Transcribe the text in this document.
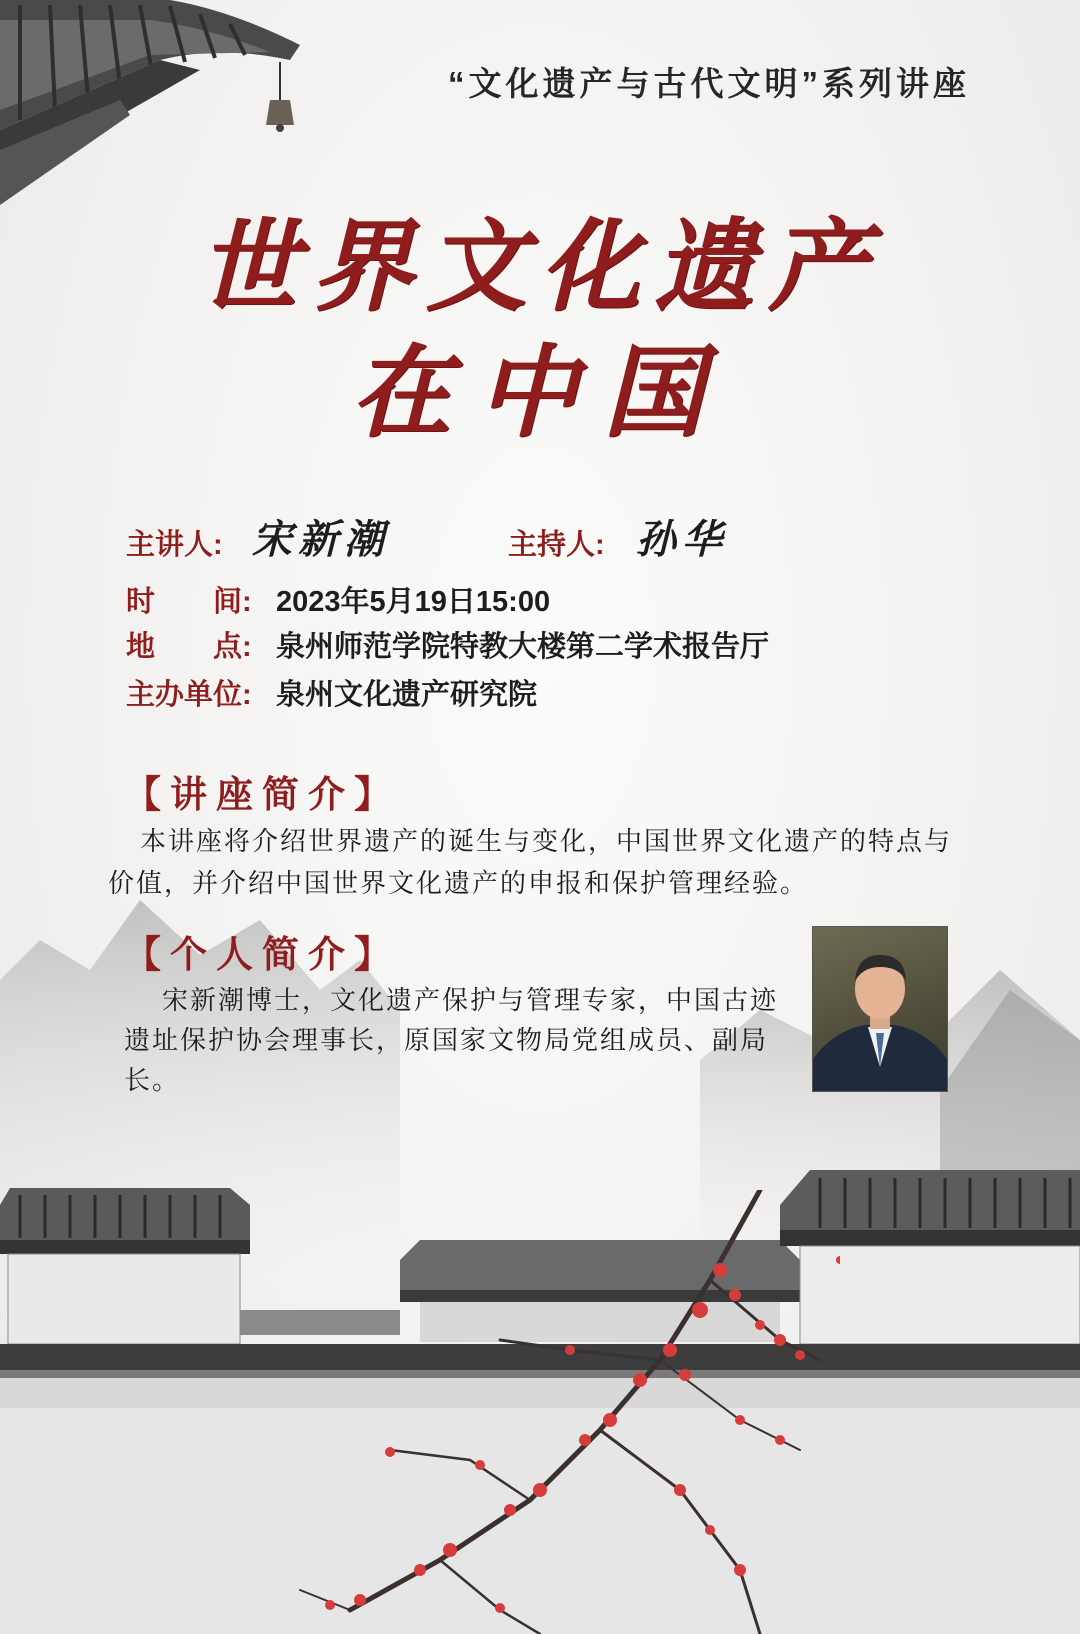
“文化遗产与古代文明”系列讲座
世界文化遗产
在中国
主讲人: 宋新潮	主持人: 孙华
时　　间: 2023年5月19日15:00
地　　点: 泉州师范学院特教大楼第二学术报告厅
主办单位: 泉州文化遗产研究院
【讲座简介】
本讲座将介绍世界遗产的诞生与变化，中国世界文化遗产的特点与价值，并介绍中国世界文化遗产的申报和保护管理经验。
【个人简介】
宋新潮博士，文化遗产保护与管理专家，中国古迹遗址保护协会理事长，原国家文物局党组成员、副局长。
